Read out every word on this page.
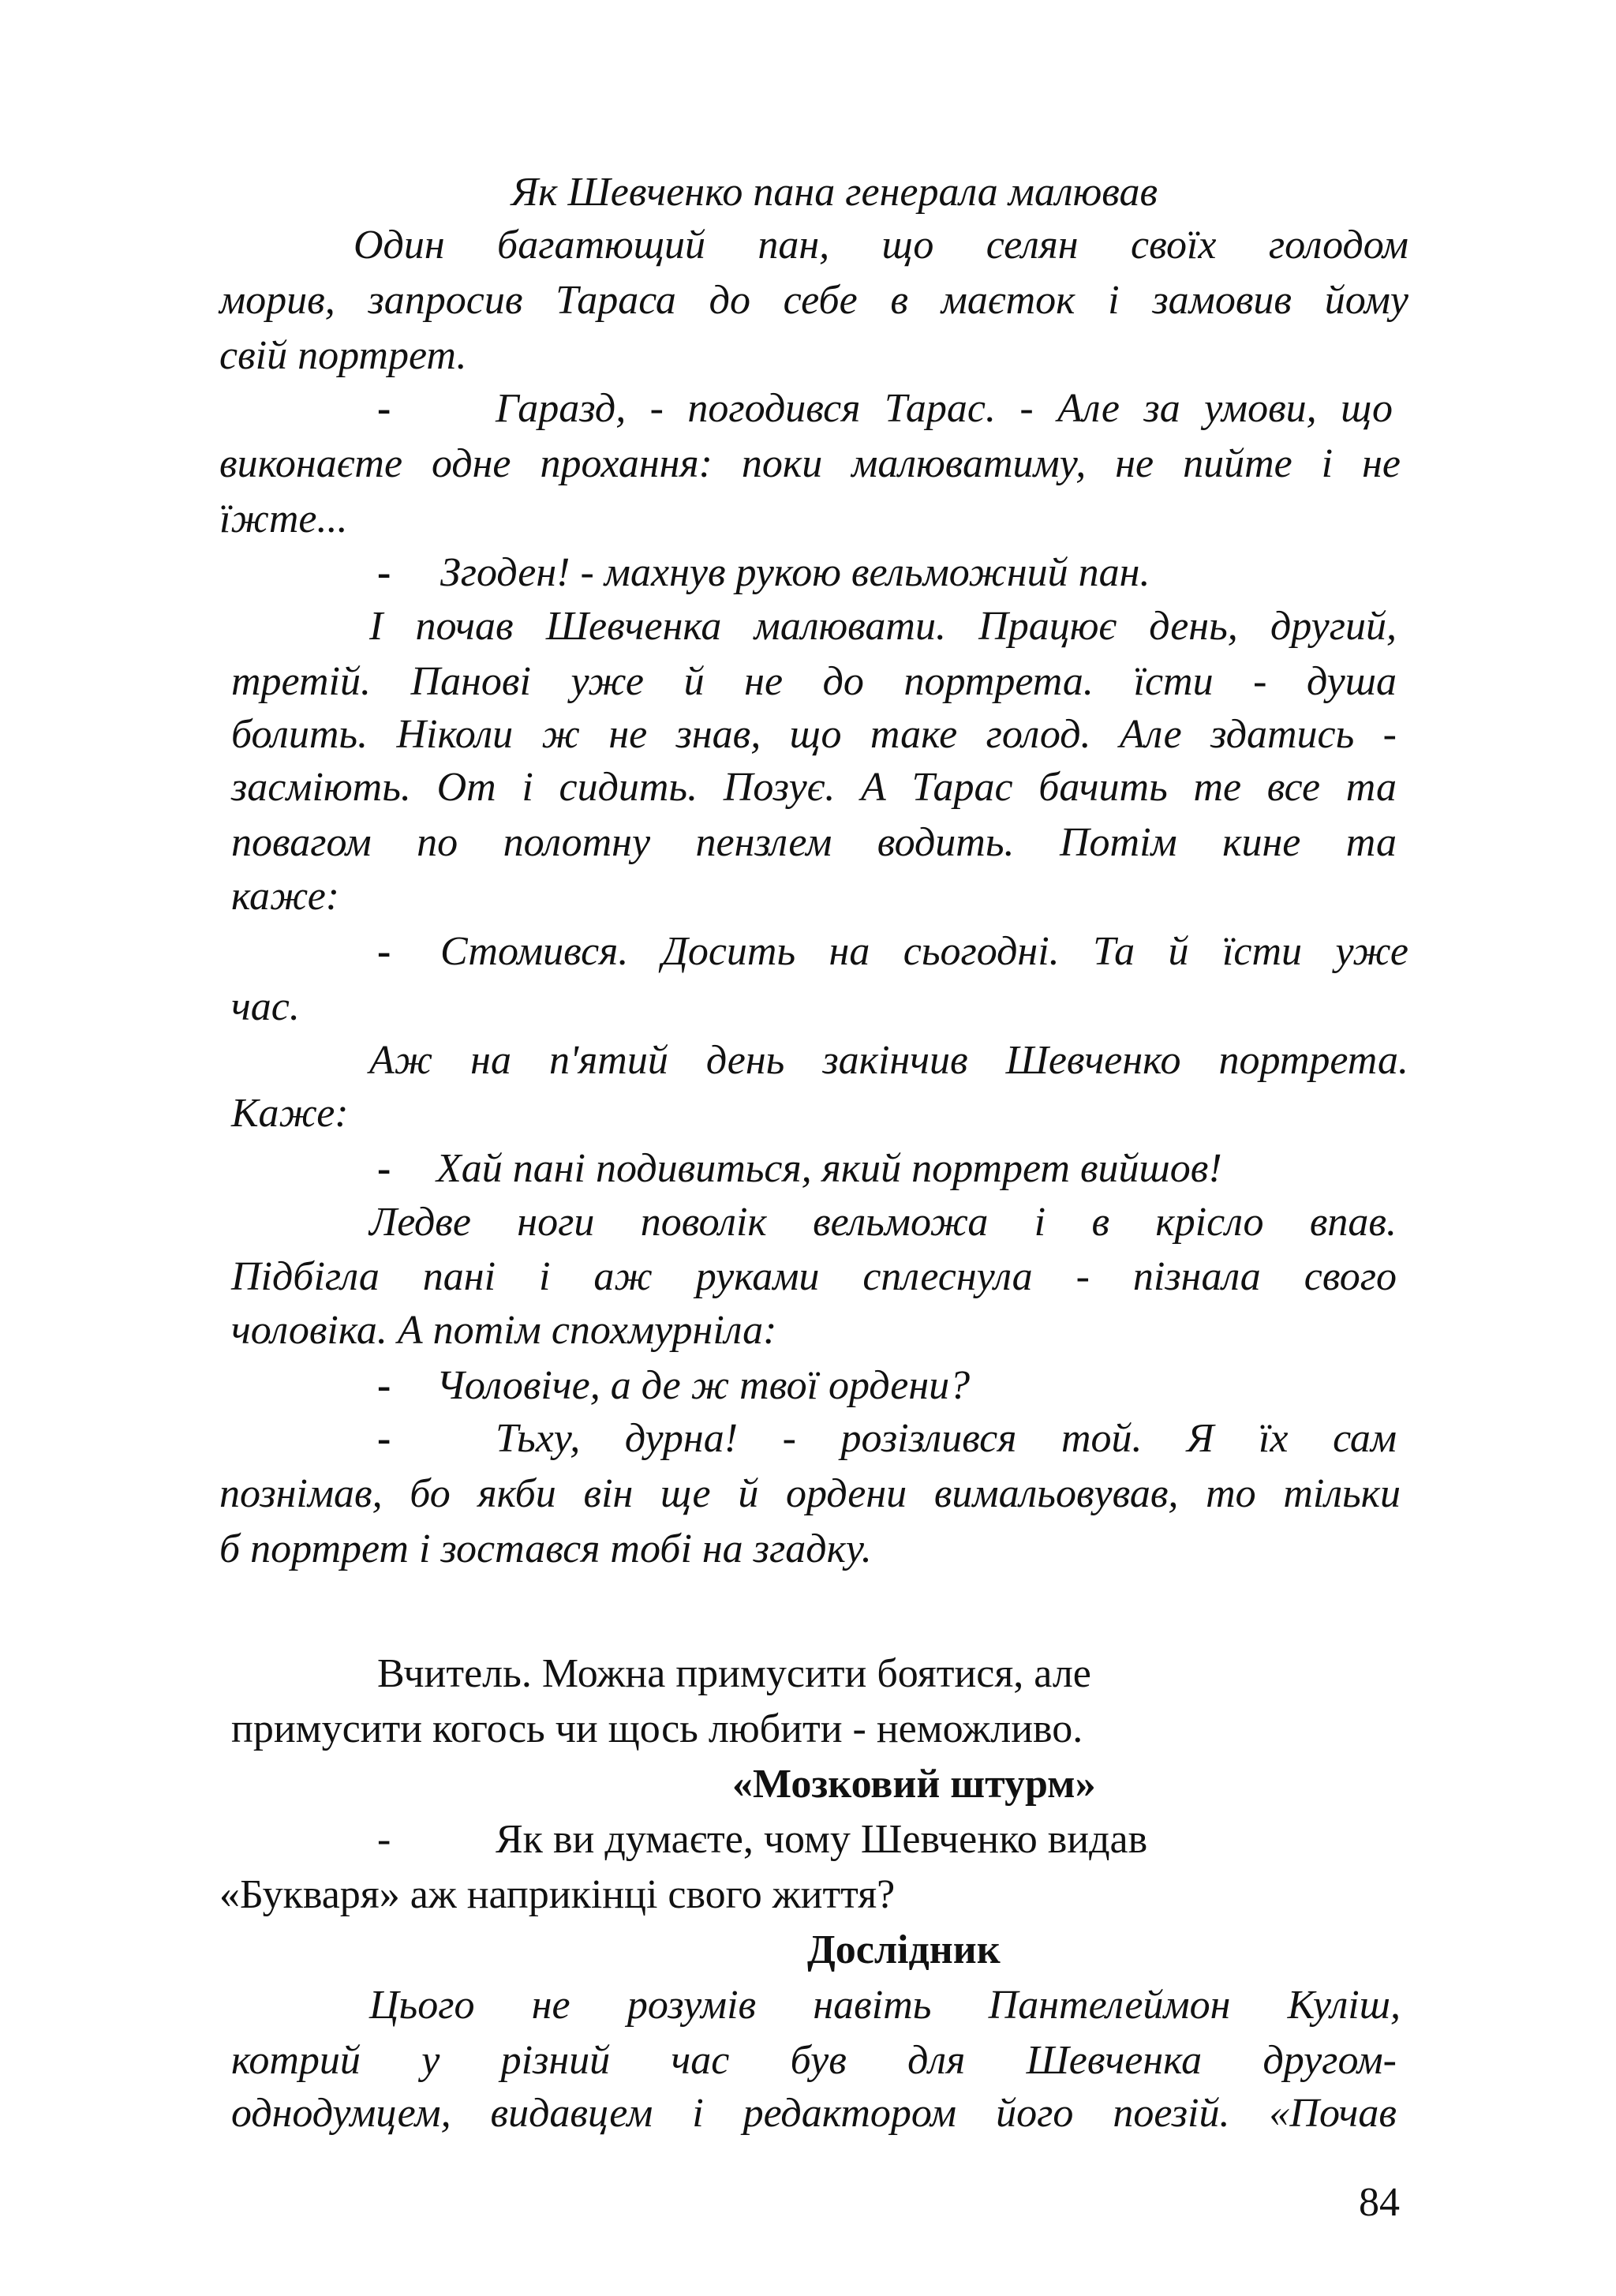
Як Шевченко пана генерала малював
Один багатющий пан, що селян своїх голодом
морив, запросив Тараса до себе в маєток і замовив йому
свій портрет.
-	Гаразд, - погодився Тарас. - Але за умови, що
виконаєте одне прохання: поки малюватиму, не пийте і не
їжте...
- Згоден! - махнув рукою вельможний пан.
І почав Шевченка малювати. Працює день, другий,
третій. Панові уже й не до портрета. їсти - душа
болить. Ніколи ж не знав, що таке голод. Але здатись -
засміють. От і сидить. Позує. А Тарас бачить те все та
повагом по полотну пензлем водить. Потім кине та
каже:
- Стомився. Досить на сьогодні. Та й їсти уже
час.
Аж на п'ятий день закінчив Шевченко портрета.
Каже:
- Хай пані подивиться, який портрет вийшов!
Ледве ноги поволік вельможа і в крісло впав.
Підбігла пані і аж руками сплеснула - пізнала свого
чоловіка. А потім спохмурніла:
- Чоловіче, а де ж твої ордени?
-	Тьху, дурна! - розізлився той. Я їх сам
познімав, бо якби він ще й ордени вимальовував, то тільки
б портрет і зостався тобі на згадку.
Вчитель. Можна примусити боятися, але
примусити когось чи щось любити - неможливо.
«Мозковий штурм»
-	Як ви думаєте, чому Шевченко видав
«Букваря» аж наприкінці свого життя?
Дослідник
Цього не розумів навіть Пантелеймон Куліш,
котрий у різний час був для Шевченка другом-
однодумцем, видавцем і редактором його поезій. «Почав
84
